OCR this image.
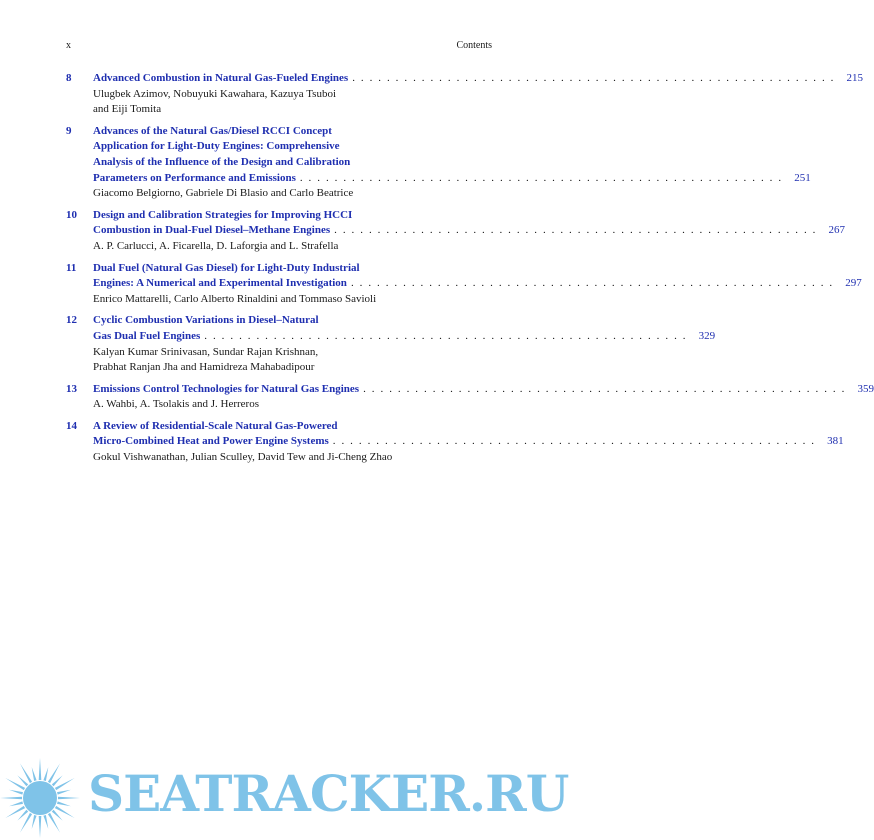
x	Contents
8 Advanced Combustion in Natural Gas-Fueled Engines . . . . . . . . . . . . . . . . . . . . . . . . . . . . . . . . . . . . . . . . . . . . . . . . . . . . . . . .	215
Ulugbek Azimov, Nobuyuki Kawahara, Kazuya Tsuboi
and Eiji Tomita
9 Advances of the Natural Gas/Diesel RCCI Concept
Application for Light-Duty Engines: Comprehensive
Analysis of the Influence of the Design and Calibration
Parameters on Performance and Emissions . . . . . . . . . . . . . . . . . . . . . . . . . . . . . . . . . . . . . . . . . . . . . . . . . . . . . . . .	251
Giacomo Belgiorno, Gabriele Di Blasio and Carlo Beatrice
10 Design and Calibration Strategies for Improving HCCI
Combustion in Dual-Fuel Diesel–Methane Engines . . . . . . . . . . . . . . . . . . . . . . . . . . . . . . . . . . . . . . . . . . . . . . . . . . . . . . . .	267
A. P. Carlucci, A. Ficarella, D. Laforgia and L. Strafella
11 Dual Fuel (Natural Gas Diesel) for Light-Duty Industrial
Engines: A Numerical and Experimental Investigation . . . . . . . . . . . . . . . . . . . . . . . . . . . . . . . . . . . . . . . . . . . . . . . . . . . . . . . .	297
Enrico Mattarelli, Carlo Alberto Rinaldini and Tommaso Savioli
12 Cyclic Combustion Variations in Diesel–Natural
Gas Dual Fuel Engines . . . . . . . . . . . . . . . . . . . . . . . . . . . . . . . . . . . . . . . . . . . . . . . . . . . . . . . .	329
Kalyan Kumar Srinivasan, Sundar Rajan Krishnan,
Prabhat Ranjan Jha and Hamidreza Mahabadipour
13 Emissions Control Technologies for Natural Gas Engines . . . . . . . . . . . . . . . . . . . . . . . . . . . . . . . . . . . . . . . . . . . . . . . . . . . . . . . .	359
A. Wahbi, A. Tsolakis and J. Herreros
14 A Review of Residential-Scale Natural Gas-Powered
Micro-Combined Heat and Power Engine Systems . . . . . . . . . . . . . . . . . . . . . . . . . . . . . . . . . . . . . . . . . . . . . . . . . . . . . . . .	381
Gokul Vishwanathan, Julian Sculley, David Tew and Ji-Cheng Zhao
SEATRACKER.RU
